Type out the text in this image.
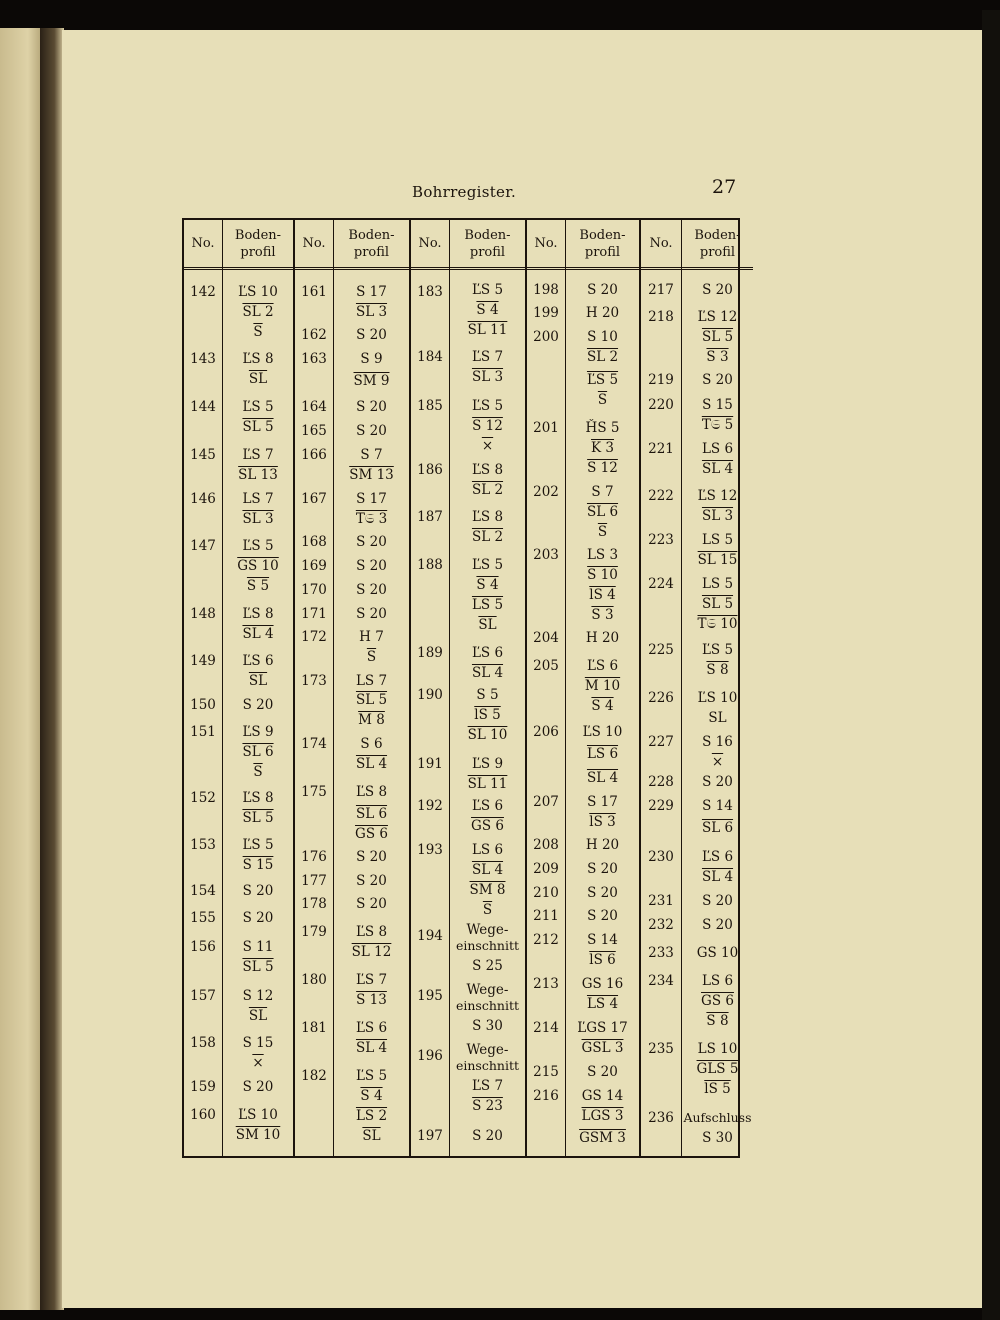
Bohrregister.	27
No.
142
143
144
145
146
147
148
149
150
151
152
153
154
155
156
157
158
159
160
Boden-
profil
ĽS 10
SL 2
$\overline{S}$
ĽS 8
$\overline{SL}$
ĽS 5
SL 5
ĽS 7
SL 13
LS 7
SL 3
ĽS 5
GS 10
S 5
ĽS 8
SL 4
ĽS 6
$\overline{SL}$
S 20
ĽS 9
SL 6
$\overline{S}$
ĽS 8
SL 5
ĽS 5
S 15
S 20
S 20
S 11
SL 5
S 12
$\overline{SL}$
S 15
×
S 20
ĽS 10
SM 10
No.
161
162
163
164
165
166
167
168
169
170
171
172
173
174
175
176
177
178
179
180
181
182
Boden-
profil
S 17
SL 3
S 20
S 9
SM 9
S 20
S 20
S 7
SM 13
S 17
T𝔖 3
S 20
S 20
S 20
S 20
H 7
$\overline{S}$
LS 7
SL 5
M 8
S 6
SL 4
ĽS 8
SL 6
GS 6
S 20
S 20
S 20
ĽS 8
SL 12
ĽS 7
S 13
ĽS 6
SL 4
ĽS 5
S 4
LS 2
$\overline{SL}$
No.
183
184
185
186
187
188
189
190
191
192
193
194
195
196
197
Boden-
profil
ĽS 5
S 4
SL 11
ĽS 7
SL 3
ĽS 5
S 12
×
ĽS 8
SL 2
ĽS 8
SL 2
ĽS 5
S 4
LS 5
$\overline{SL}$
ĽS 6
SL 4
S 5
lS 5
SL 10
ĽS 9
SL 11
ĽS 6
GS 6
LS 6
SL 4
SM 8
$\overline{S}$
Wege-
einschnitt
S 25
Wege-
einschnitt
S 30
Wege-
einschnitt
ĽS 7
S 23
S 20
No.
198
199
200
201
202
203
204
205
206
207
208
209
210
211
212
213
214
215
216
Boden-
profil
S 20
H 20
S 10
SL 2
ĽS 5
$\overline{S}$
ȞS 5
K 3
S 12
S 7
SL 6
$\overline{S}$
LS 3
S 10
lS 4
S 3
H 20
ĽS 6
M 10
S 4
ĽS 10
LS 6
SL 4
S 17
lS 3
H 20
S 20
S 20
S 20
S 14
lS 6
GS 16
LS 4
ĽGS 17
GSL 3
S 20
GS 14
LGS 3
GSM 3
No.
217
218
219
220
221
222
223
224
225
226
227
228
229
230
231
232
233
234
235
236
Boden-
profil
S 20
ĽS 12
SL 5
S 3
S 20
S 15
T𝔖 5
LS 6
SL 4
ĽS 12
SL 3
LS 5
SL 15
LS 5
SL 5
T𝔖 10
ĽS 5
S 8
ĽS 10
SL
S 16
×
S 20
S 14
SL 6
ĽS 6
SL 4
S 20
S 20
GS 10
LS 6
GS 6
S 8
LS 10
GLS 5
lS 5
Aufschluss
S 30
